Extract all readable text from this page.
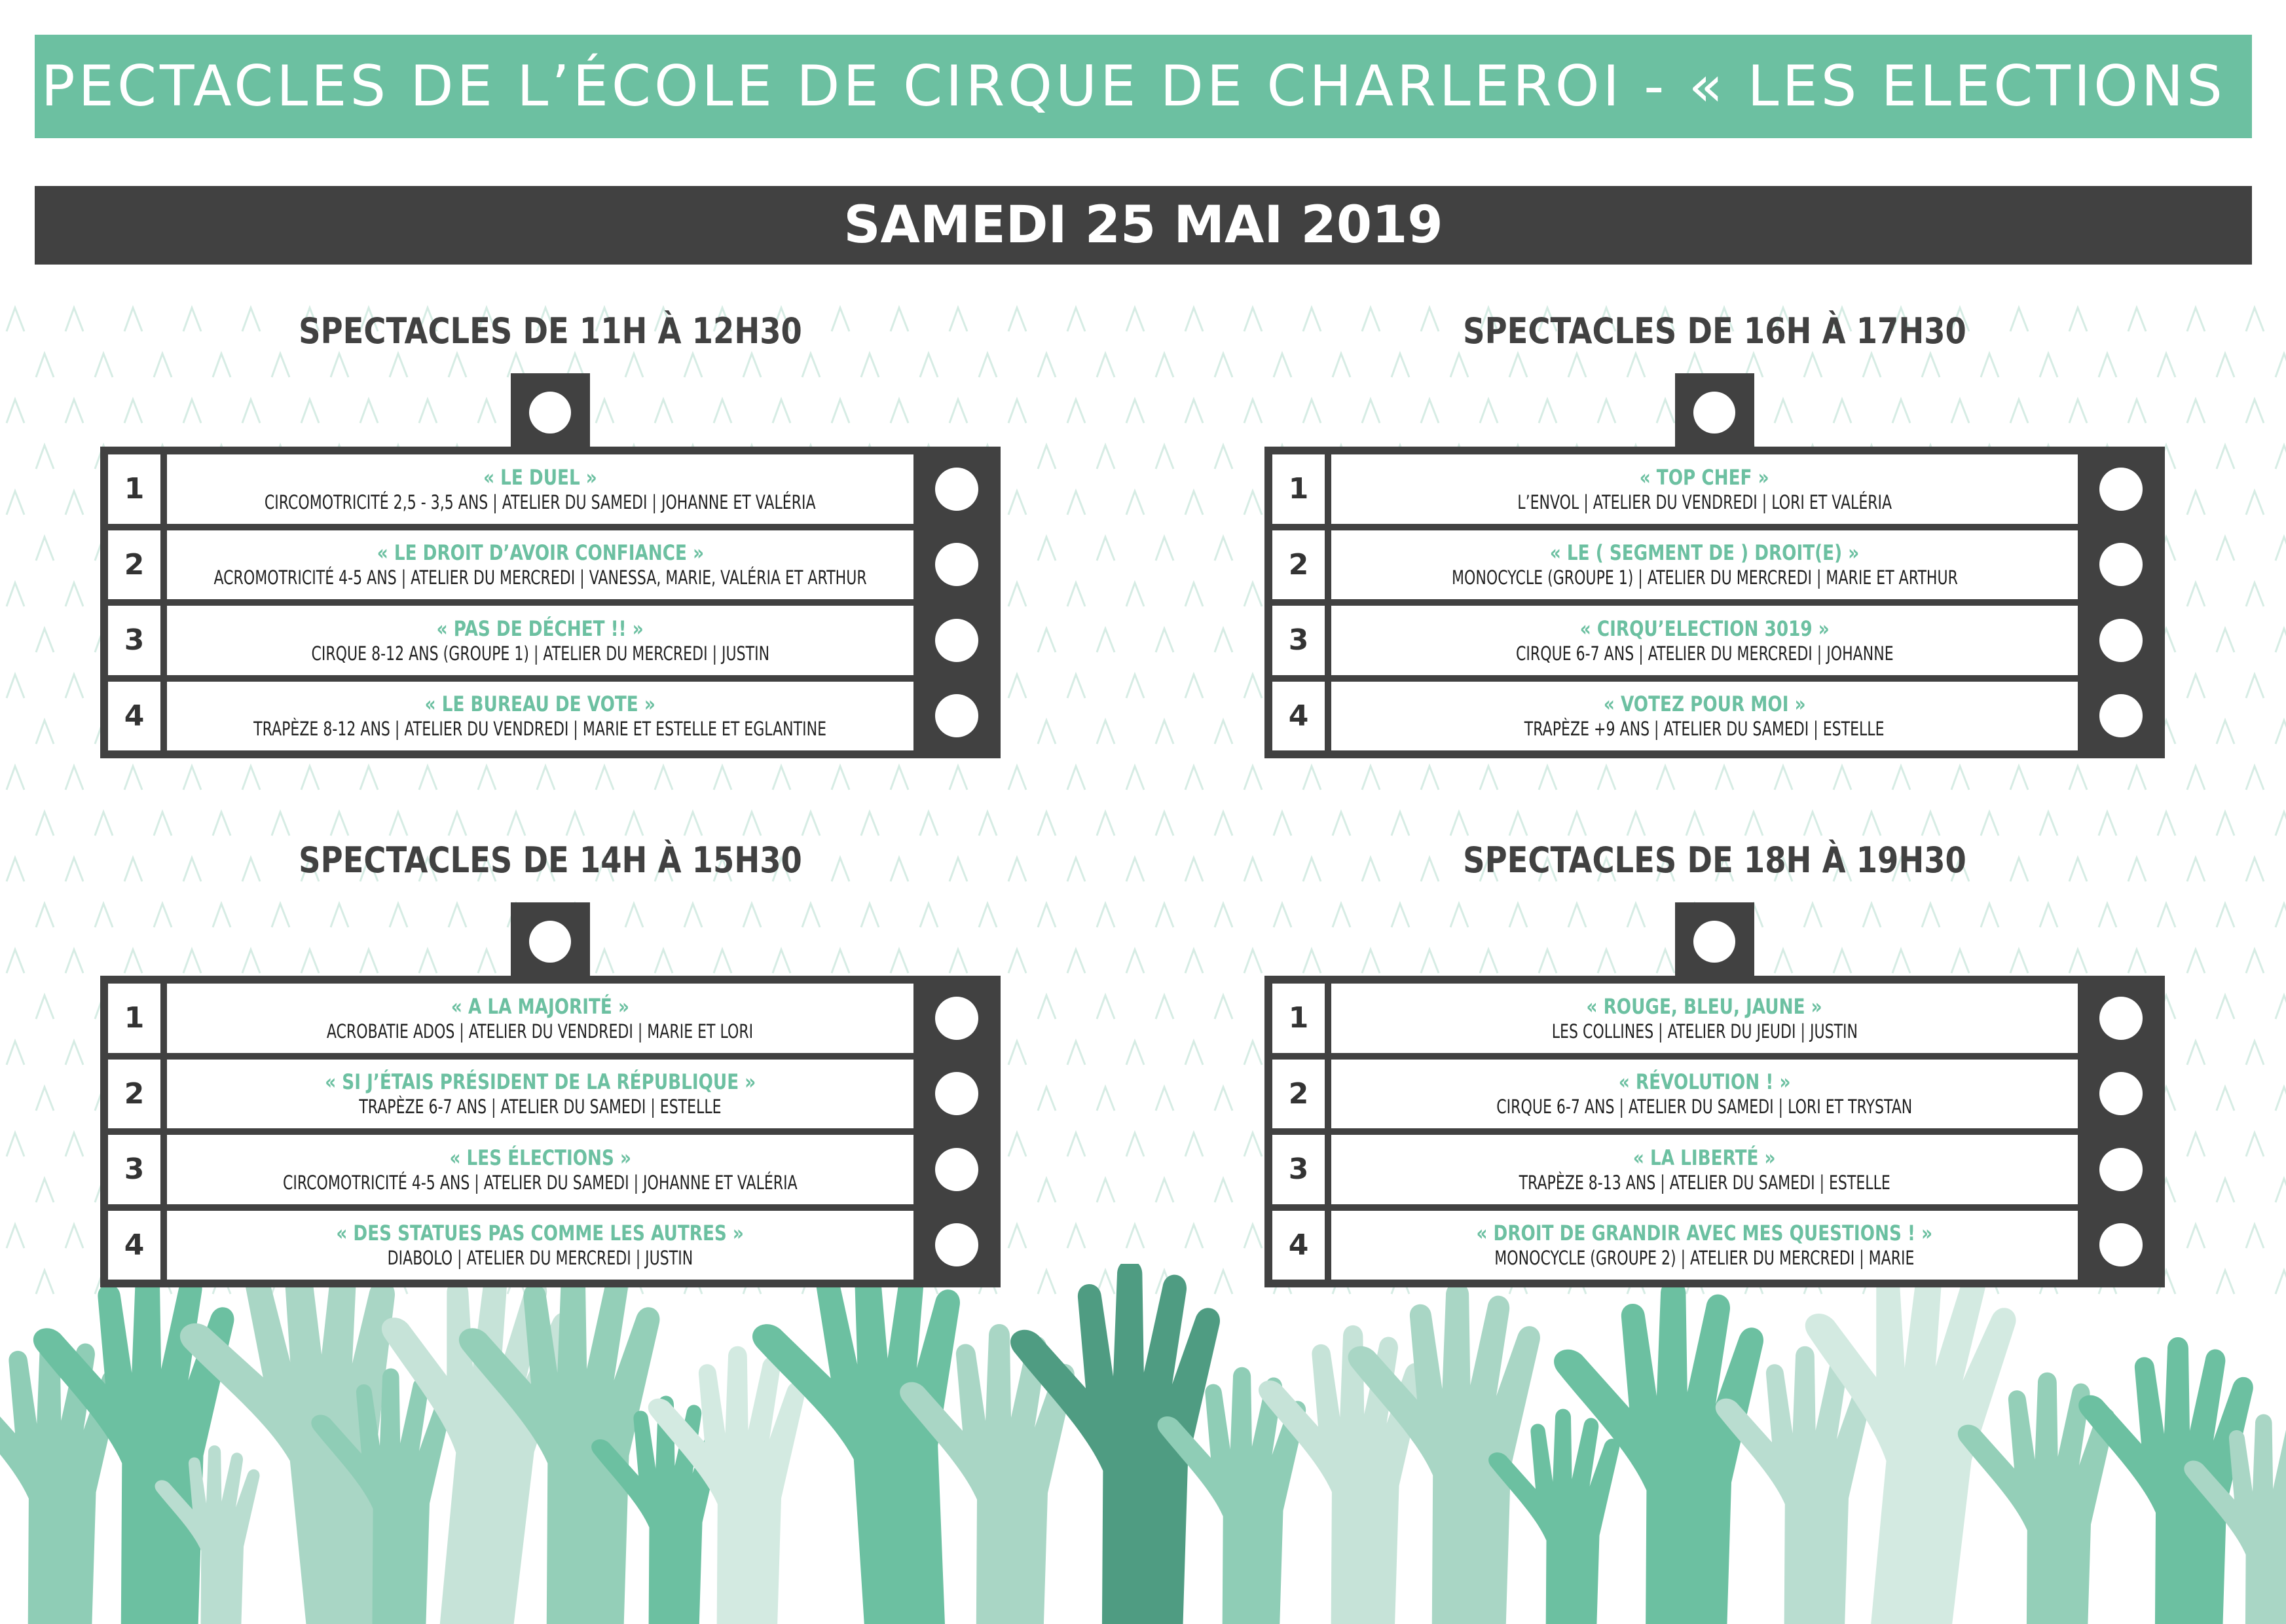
SPECTACLES DE L’ÉCOLE DE CIRQUE DE CHARLEROI - « LES ELECTIONS »
SAMEDI 25 MAI 2019
SPECTACLES DE 11H À 12H30
1	« LE DUEL »
CIRCOMOTRICITÉ 2,5 - 3,5 ANS | ATELIER DU SAMEDI | JOHANNE ET VALÉRIA
2	« LE DROIT D’AVOIR CONFIANCE »
ACROMOTRICITÉ 4-5 ANS | ATELIER DU MERCREDI | VANESSA, MARIE, VALÉRIA ET ARTHUR
3	« PAS DE DÉCHET !! »
CIRQUE 8-12 ANS (GROUPE 1) | ATELIER DU MERCREDI | JUSTIN
4	« LE BUREAU DE VOTE »
TRAPÈZE 8-12 ANS | ATELIER DU VENDREDI | MARIE ET ESTELLE ET EGLANTINE
SPECTACLES DE 16H À 17H30
1	« TOP CHEF »
L’ENVOL | ATELIER DU VENDREDI | LORI ET VALÉRIA
2	« LE ( SEGMENT DE ) DROIT(E) »
MONOCYCLE (GROUPE 1) | ATELIER DU MERCREDI | MARIE ET ARTHUR
3	« CIRQU’ELECTION 3019 »
CIRQUE 6-7 ANS | ATELIER DU MERCREDI | JOHANNE
4	« VOTEZ POUR MOI »
TRAPÈZE +9 ANS | ATELIER DU SAMEDI | ESTELLE
SPECTACLES DE 14H À 15H30
1	« A LA MAJORITÉ »
ACROBATIE ADOS | ATELIER DU VENDREDI | MARIE ET LORI
2	« SI J’ÉTAIS PRÉSIDENT DE LA RÉPUBLIQUE »
TRAPÈZE 6-7 ANS | ATELIER DU SAMEDI | ESTELLE
3	« LES ÉLECTIONS »
CIRCOMOTRICITÉ 4-5 ANS | ATELIER DU SAMEDI | JOHANNE ET VALÉRIA
4	« DES STATUES PAS COMME LES AUTRES »
DIABOLO | ATELIER DU MERCREDI | JUSTIN
SPECTACLES DE 18H À 19H30
1	« ROUGE, BLEU, JAUNE »
LES COLLINES | ATELIER DU JEUDI | JUSTIN
2	« RÉVOLUTION ! »
CIRQUE 6-7 ANS | ATELIER DU SAMEDI | LORI ET TRYSTAN
3	« LA LIBERTÉ »
TRAPÈZE 8-13 ANS | ATELIER DU SAMEDI | ESTELLE
4	« DROIT DE GRANDIR AVEC MES QUESTIONS ! »
MONOCYCLE (GROUPE 2) | ATELIER DU MERCREDI | MARIE
